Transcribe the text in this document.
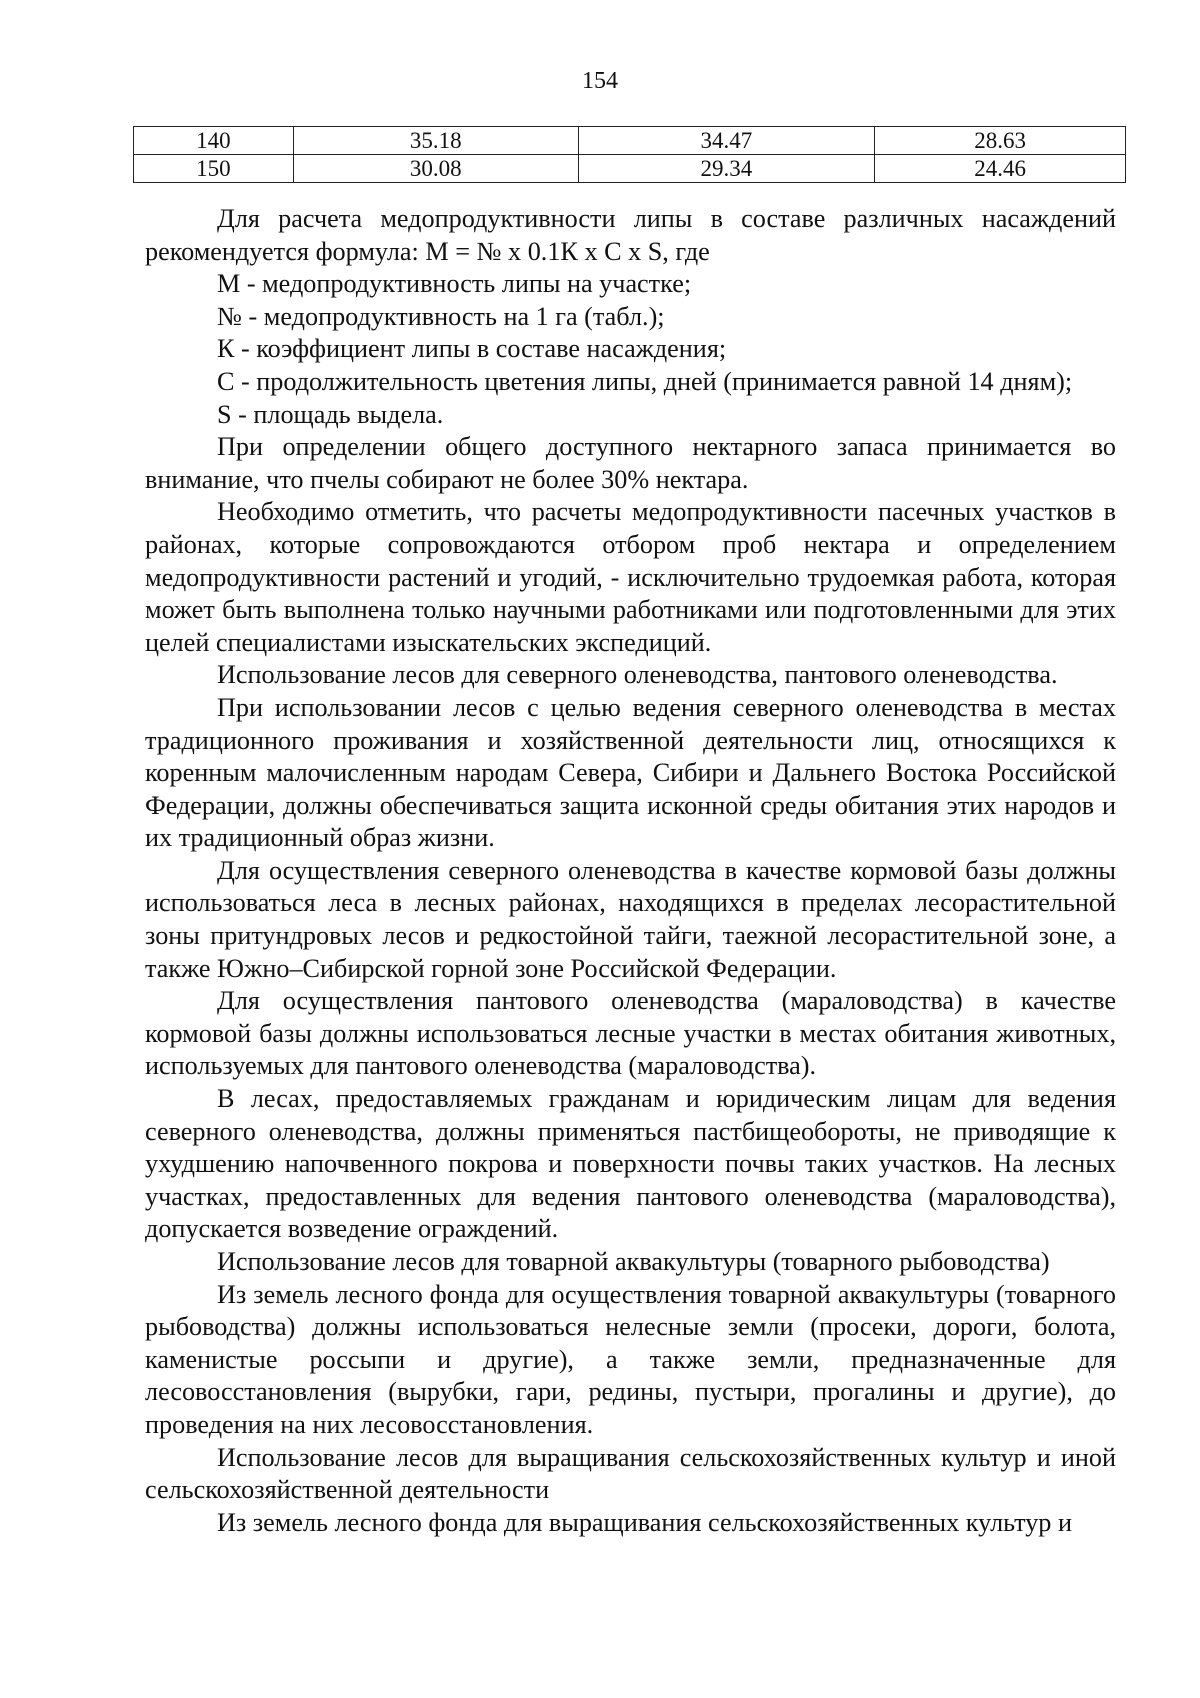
154
140	35.18	34.47	28.63
150	30.08	29.34	24.46

Для расчета медопродуктивности липы в составе различных насаждений рекомендуется формула: М = № х 0.1К х С х S, где

М - медопродуктивность липы на участке;

№ - медопродуктивность на 1 га (табл.);

К - коэффициент липы в составе насаждения;

С - продолжительность цветения липы, дней (принимается равной 14 дням);

S - площадь выдела.

При определении общего доступного нектарного запаса принимается во внимание, что пчелы собирают не более 30% нектара.

Необходимо отметить, что расчеты медопродуктивности пасечных участков в районах, которые сопровождаются отбором проб нектара и определением медопродуктивности растений и угодий, - исключительно трудоемкая работа, которая может быть выполнена только научными работниками или подготовленными для этих целей специалистами изыскательских экспедиций.

Использование лесов для северного оленеводства, пантового оленеводства.

При использовании лесов с целью ведения северного оленеводства в местах традиционного проживания и хозяйственной деятельности лиц, относящихся к коренным малочисленным народам Севера, Сибири и Дальнего Востока Российской Федерации, должны обеспечиваться защита исконной среды обитания этих народов и их традиционный образ жизни.

Для осуществления северного оленеводства в качестве кормовой базы должны использоваться леса в лесных районах, находящихся в пределах лесорастительной зоны притундровых лесов и редкостойной тайги, таежной лесорастительной зоне, а также Южно–Сибирской горной зоне Российской Федерации.

Для осуществления пантового оленеводства (мараловодства) в качестве кормовой базы должны использоваться лесные участки в местах обитания животных, используемых для пантового оленеводства (мараловодства).

В лесах, предоставляемых гражданам и юридическим лицам для ведения северного оленеводства, должны применяться пастбищеобороты, не приводящие к ухудшению напочвенного покрова и поверхности почвы таких участков. На лесных участках, предоставленных для ведения пантового оленеводства (мараловодства), допускается возведение ограждений.

Использование лесов для товарной аквакультуры (товарного рыбоводства)

Из земель лесного фонда для осуществления товарной аквакультуры (товарного рыбоводства) должны использоваться нелесные земли (просеки, дороги, болота, каменистые россыпи и другие), а также земли, предназначенные для лесовосстановления (вырубки, гари, редины, пустыри, прогалины и другие), до проведения на них лесовосстановления.

Использование лесов для выращивания сельскохозяйственных культур и иной сельскохозяйственной деятельности

Из земель лесного фонда для выращивания сельскохозяйственных культур и
